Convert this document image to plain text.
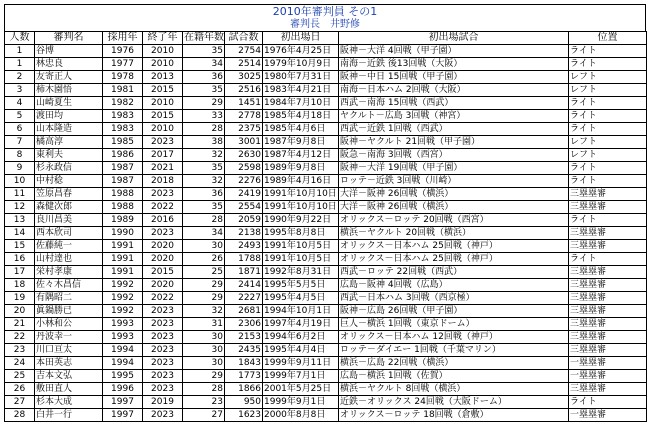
2010年審判員 その1
審判長　井野修
人数	審判名	採用年	終了年	在籍年数	試合数	初出場日	初出場試合	位置
1	谷博	1976	2010	35	2754	1976年4月25日	阪神－大洋 4回戦（甲子園）	ライト
1	林忠良	1977	2010	34	2514	1979年10月9日	南海－近鉄 後13回戦（大阪）	ライト
2	友寄正人	1978	2013	36	3025	1980年7月31日	阪神－中日 15回戦（甲子園）	レフト
3	柿木園悟	1981	2015	35	2516	1983年4月21日	南海－日本ハム 2回戦（大阪）	レフト
4	山崎夏生	1982	2010	29	1451	1984年7月10日	西武－南海 15回戦（西武）	ライト
5	渡田均	1983	2015	33	2778	1985年4月18日	ヤクルト－広島 3回戦（神宮）	ライト
6	山本隆造	1983	2010	28	2375	1985年4月6日	西武－近鉄 1回戦（西武）	ライト
7	橘高淳	1985	2023	38	3001	1987年9月8日	阪神－ヤクルト 21回戦（甲子園）	レフト
8	東利夫	1986	2017	32	2630	1987年4月12日	阪急－南海 3回戦（西宮）	レフト
9	杉永政信	1987	2021	35	2598	1989年9月8日	阪神－大洋 19回戦（甲子園）	ライト
10	中村稔	1987	2018	32	2276	1989年4月16日	ロッテ－近鉄 3回戦（川崎）	ライト
11	笠原昌春	1988	2023	36	2419	1991年10月10日	大洋－阪神 26回戦（横浜）	三塁塁審
12	森健次郎	1988	2022	35	2554	1991年10月10日	大洋－阪神 26回戦（横浜）	三塁塁審
13	良川昌美	1989	2016	28	2059	1990年9月22日	オリックス－ロッテ 20回戦（西宮）	ライト
14	西本欣司	1990	2023	34	2138	1995年8月8日	横浜－ヤクルト 20回戦（横浜）	三塁塁審
15	佐藤純一	1991	2020	30	2493	1991年10月5日	オリックス－日本ハム 25回戦（神戸）	三塁塁審
16	山村達也	1991	2020	26	1788	1991年10月5日	オリックス－日本ハム 25回戦（神戸）	ライト
17	栄村孝康	1991	2015	25	1871	1992年8月31日	西武－ロッテ 22回戦（西武）	三塁塁審
18	佐々木昌信	1992	2020	29	2414	1995年5月5日	広島－阪神 4回戦（広島）	三塁塁審
19	有隅昭二	1992	2022	29	2227	1995年4月5日	西武－日本ハム 3回戦（西京極）	三塁塁審
20	眞鍋勝已	1992	2023	32	2681	1994年10月1日	阪神－広島 26回戦（甲子園）	三塁塁審
21	小林和公	1993	2023	31	2306	1997年4月19日	巨人－横浜 1回戦（東京ドーム）	三塁塁審
22	丹波幸一	1993	2023	30	2153	1994年6月2日	オリックス－日本ハム 12回戦（神戸）	三塁塁審
23	川口亘太	1994	2023	30	2435	1995年4月4日	ロッテ－ダイエー 1回戦（千葉マリン）	三塁塁審
24	本田英志	1994	2023	30	1843	1999年9月11日	横浜－広島 22回戦（横浜）	一塁塁審
25	吉本文弘	1995	2023	29	1773	1999年7月1日	広島－横浜 1回戦（佐賀）	一塁塁審
26	敷田直人	1996	2023	28	1866	2001年5月25日	横浜－ヤクルト 8回戦（横浜）	三塁塁審
27	杉本大成	1997	2019	23	950	1999年9月1日	近鉄－オリックス 24回戦（大阪ドーム）	ライト
28	白井一行	1997	2023	27	1623	2000年8月8日	オリックス－ロッテ 18回戦（倉敷）	一塁塁審
